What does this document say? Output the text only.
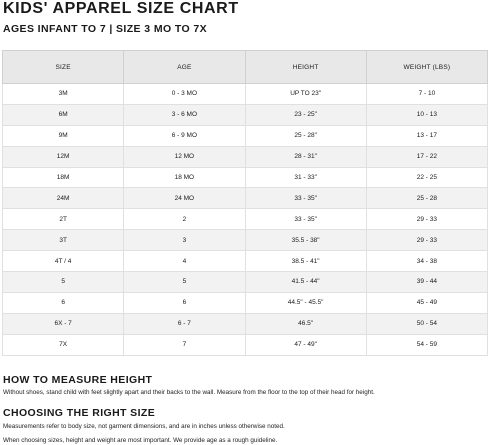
KIDS' APPAREL SIZE CHART
AGES INFANT TO 7 | SIZE 3 MO TO 7X
SIZE	AGE	HEIGHT	WEIGHT (LBS)
3M	0 - 3 MO	UP TO 23"	7 - 10
6M	3 - 6 MO	23 - 25"	10 - 13
9M	6 - 9 MO	25 - 28"	13 - 17
12M	12 MO	28 - 31"	17 - 22
18M	18 MO	31 - 33"	22 - 25
24M	24 MO	33 - 35"	25 - 28
2T	2	33 - 35"	29 - 33
3T	3	35.5 - 38"	29 - 33
4T / 4	4	38.5 - 41"	34 - 38
5	5	41.5 - 44"	39 - 44
6	6	44.5" - 45.5"	45 - 49
6X - 7	6 - 7	46.5"	50 - 54
7X	7	47 - 49"	54 - 59
HOW TO MEASURE HEIGHT
Without shoes, stand child with feet slightly apart and their backs to the wall. Measure from the floor to the top of their head for height.
CHOOSING THE RIGHT SIZE
Measurements refer to body size, not garment dimensions, and are in inches unless otherwise noted.
When choosing sizes, height and weight are most important. We provide age as a rough guideline.
